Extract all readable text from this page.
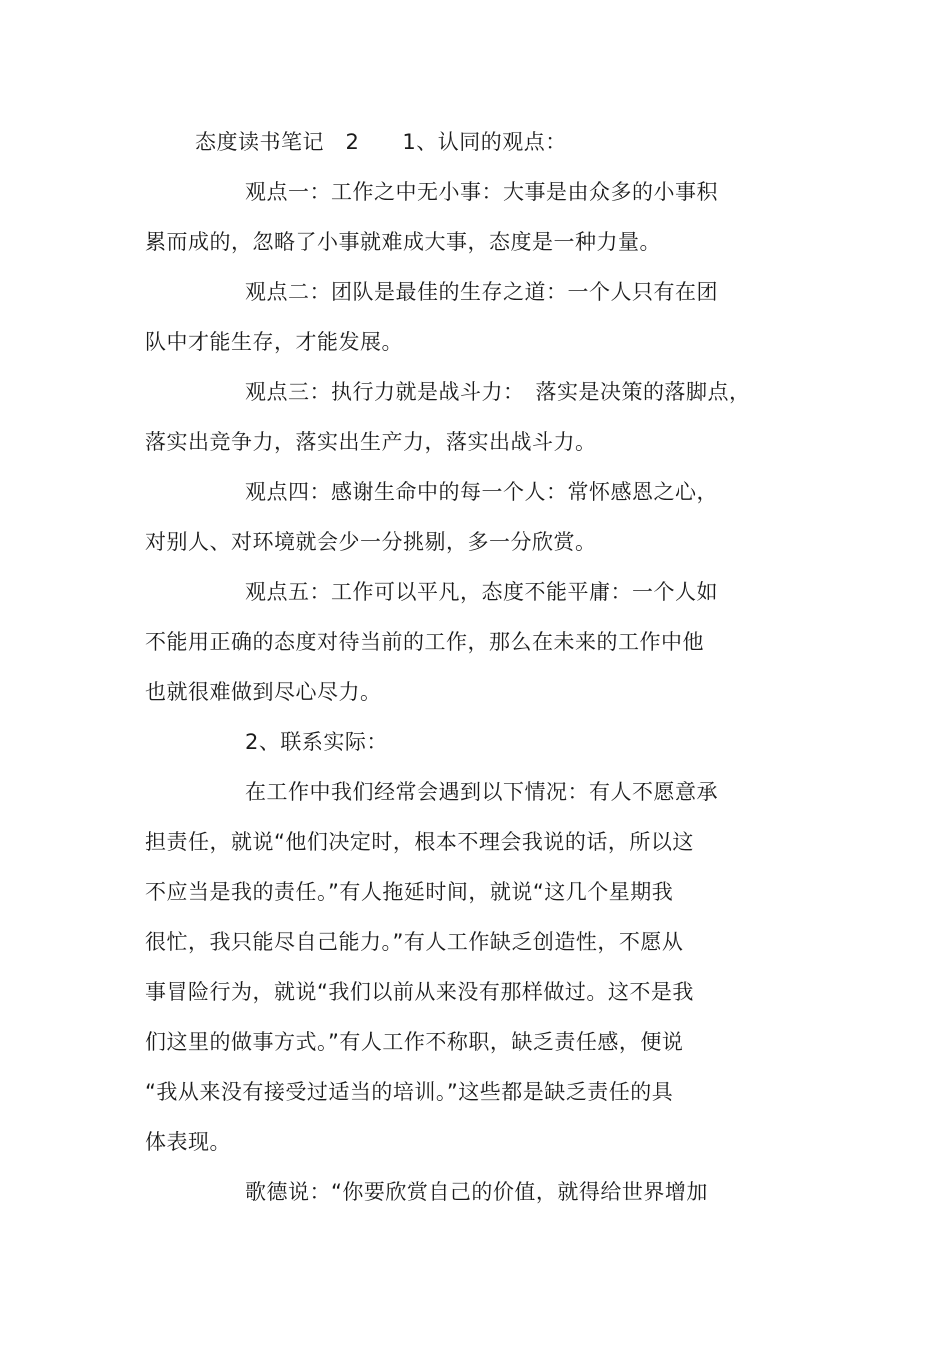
态度读书笔记　2　　1、认同的观点：
观点一：工作之中无小事：大事是由众多的小事积
累而成的，忽略了小事就难成大事，态度是一种力量。
观点二：团队是最佳的生存之道：一个人只有在团
队中才能生存，才能发展。
观点三：执行力就是战斗力：　落实是决策的落脚点，
落实出竞争力，落实出生产力，落实出战斗力。
观点四：感谢生命中的每一个人：常怀感恩之心，
对别人、对环境就会少一分挑剔，多一分欣赏。
观点五：工作可以平凡，态度不能平庸：一个人如
不能用正确的态度对待当前的工作，那么在未来的工作中他
也就很难做到尽心尽力。
2、联系实际：
在工作中我们经常会遇到以下情况：有人不愿意承
担责任，就说“他们决定时，根本不理会我说的话，所以这
不应当是我的责任。”有人拖延时间，就说“这几个星期我
很忙，我只能尽自己能力。”有人工作缺乏创造性，不愿从
事冒险行为，就说“我们以前从来没有那样做过。这不是我
们这里的做事方式。”有人工作不称职，缺乏责任感，便说
“我从来没有接受过适当的培训。”这些都是缺乏责任的具
体表现。
歌德说：“你要欣赏自己的价值，就得给世界增加
